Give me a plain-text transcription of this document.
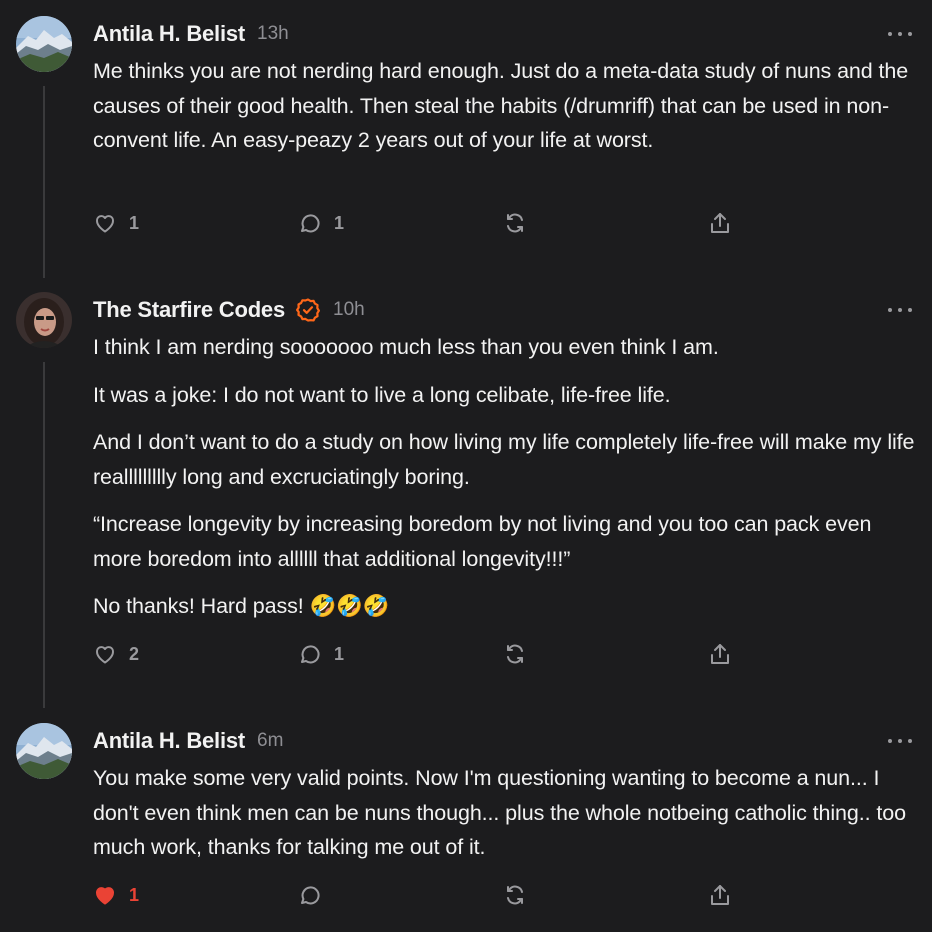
Antila H. Belist 13h

Me thinks you are not nerding hard enough. Just do a meta-data study of nuns and the causes of their good health. Then steal the habits (/drumriff) that can be used in non-convent life. An easy-peazy 2 years out of your life at worst.

1	1
The Starfire Codes	10h

I think I am nerding sooooooo much less than you even think I am.

It was a joke: I do not want to live a long celibate, life-free life.

And I don’t want to do a study on how living my life completely life-free will make my life reallllllllly long and excruciatingly boring.

“Increase longevity by increasing boredom by not living and you too can pack even more boredom into allllll that additional longevity!!!”

No thanks! Hard pass! 🤣🤣🤣

2	1
Antila H. Belist 6m

You make some very valid points. Now I'm questioning wanting to become a nun... I don't even think men can be nuns though... plus the whole notbeing catholic thing.. too much work, thanks for talking me out of it.

1
